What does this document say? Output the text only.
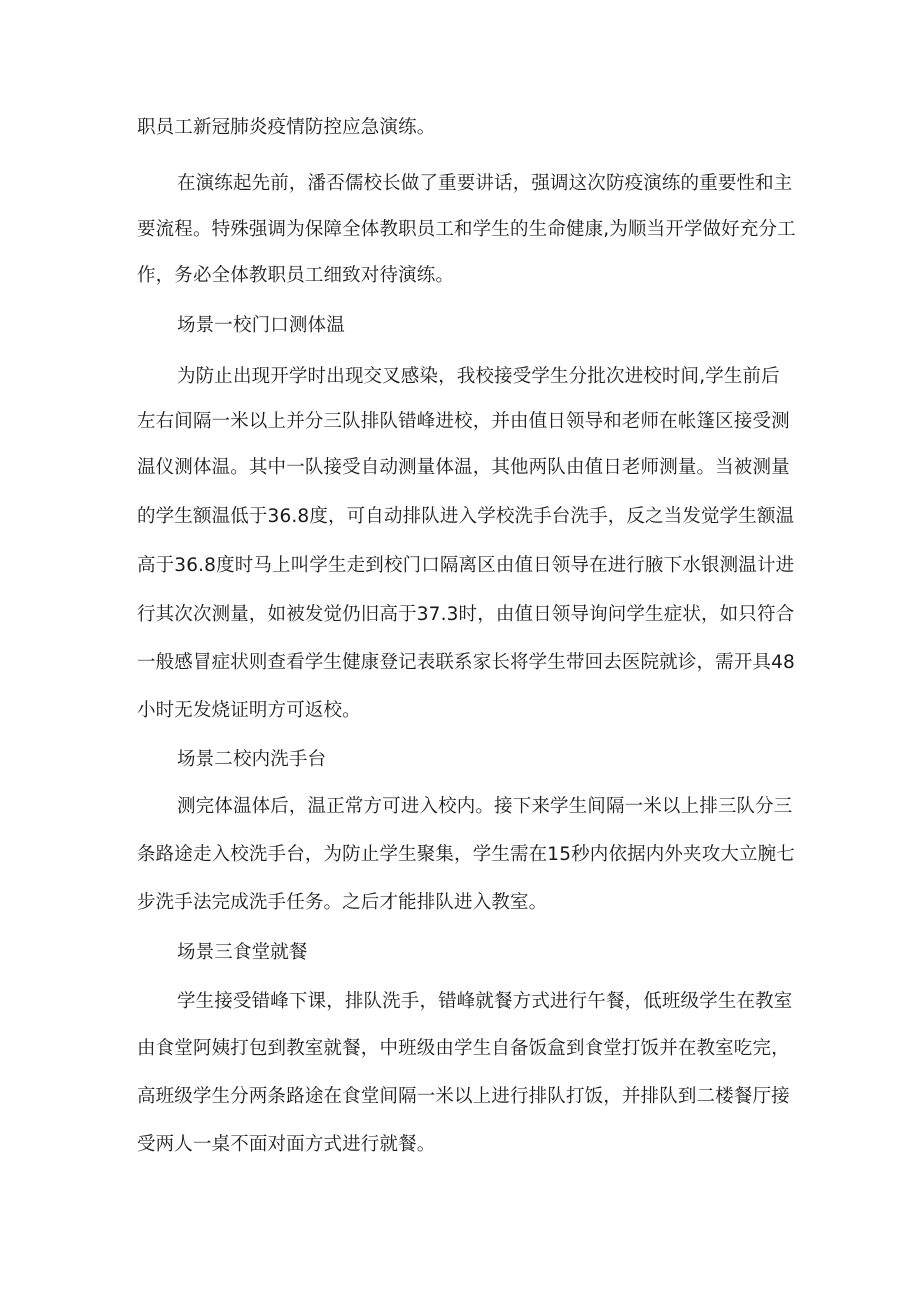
职员工新冠肺炎疫情防控应急演练。
在演练起先前，潘否儒校长做了重要讲话，强调这次防疫演练的重要性和主
要流程。特殊强调为保障全体教职员工和学生的生命健康,为顺当开学做好充分工
作，务必全体教职员工细致对待演练。
场景一校门口测体温
为防止出现开学时出现交叉感染，我校接受学生分批次进校时间,学生前后
左右间隔一米以上并分三队排队错峰进校，并由值日领导和老师在帐篷区接受测
温仪测体温。其中一队接受自动测量体温，其他两队由值日老师测量。当被测量
的学生额温低于36.8度，可自动排队进入学校洗手台洗手，反之当发觉学生额温
高于36.8度时马上叫学生走到校门口隔离区由值日领导在进行腋下水银测温计进
行其次次测量，如被发觉仍旧高于37.3时，由值日领导询问学生症状，如只符合
一般感冒症状则查看学生健康登记表联系家长将学生带回去医院就诊，需开具48
小时无发烧证明方可返校。
场景二校内洗手台
测完体温体后，温正常方可进入校内。接下来学生间隔一米以上排三队分三
条路途走入校洗手台，为防止学生聚集，学生需在15秒内依据内外夹攻大立腕七
步洗手法完成洗手任务。之后才能排队进入教室。
场景三食堂就餐
学生接受错峰下课，排队洗手，错峰就餐方式进行午餐，低班级学生在教室
由食堂阿姨打包到教室就餐，中班级由学生自备饭盒到食堂打饭并在教室吃完，
高班级学生分两条路途在食堂间隔一米以上进行排队打饭，并排队到二楼餐厅接
受两人一桌不面对面方式进行就餐。
